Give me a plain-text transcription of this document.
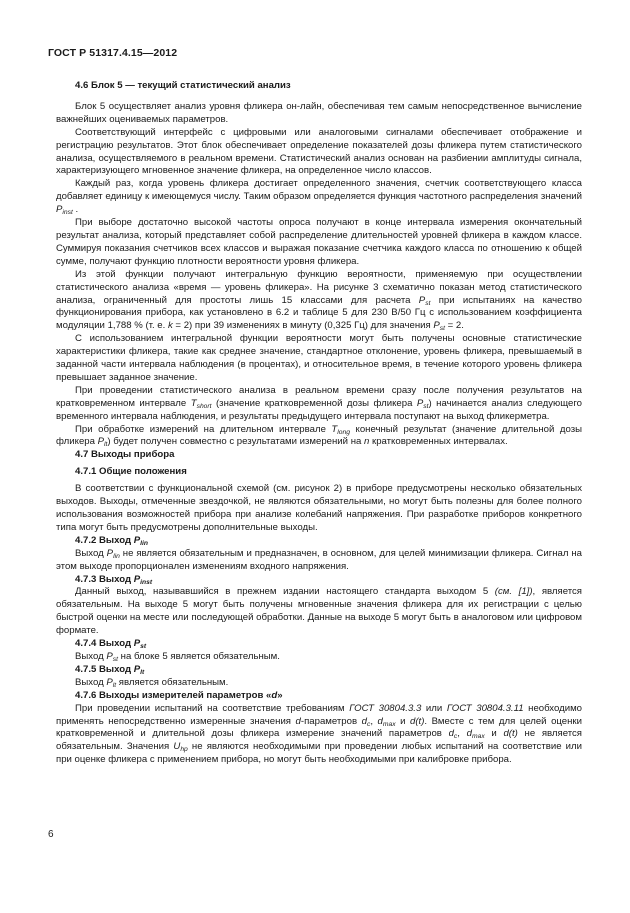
ГОСТ Р 51317.4.15—2012
4.6 Блок 5 — текущий статистический анализ

Блок 5 осуществляет анализ уровня фликера он-лайн, обеспечивая тем самым непосредственное вычисление важнейших оцениваемых параметров.

Соответствующий интерфейс с цифровыми или аналоговыми сигналами обеспечивает отображение и регистрацию результатов. Этот блок обеспечивает определение показателей дозы фликера путем статистического анализа, осуществляемого в реальном времени. Статистический анализ основан на разбиении амплитуды сигнала, характеризующего мгновенное значение фликера, на определенное число классов.

Каждый раз, когда уровень фликера достигает определенного значения, счетчик соответствующего класса добавляет единицу к имеющемуся числу. Таким образом определяется функция частотного распределения значений $P_{inst}$ .

При выборе достаточно высокой частоты опроса получают в конце интервала измерения окончательный результат анализа, который представляет собой распределение длительностей уровней фликера в каждом классе. Суммируя показания счетчиков всех классов и выражая показание счетчика каждого класса по отношению к общей сумме, получают функцию плотности вероятности уровня фликера.

Из этой функции получают интегральную функцию вероятности, применяемую при осуществлении статистического анализа «время — уровень фликера». На рисунке 3 схематично показан метод статистического анализа, ограниченный для простоты лишь 15 классами для расчета $P_{st}$ при испытаниях на качество функционирования прибора, как установлено в 6.2 и таблице 5 для 230 В/50 Гц с использованием коэффициента модуляции 1,788 % (т. е. k = 2) при 39 изменениях в минуту (0,325 Гц) для значения $P_{st} = 2$.

С использованием интегральной функции вероятности могут быть получены основные статистические характеристики фликера, такие как среднее значение, стандартное отклонение, уровень фликера, превышаемый в заданной части интервала наблюдения (в процентах), и относительное время, в течение которого уровень фликера превышает заданное значение.

При проведении статистического анализа в реальном времени сразу после получения результатов на кратковременном интервале $T_{short}$ (значение кратковременной дозы фликера $P_{st}$) начинается анализ следующего временного интервала наблюдения, и результаты предыдущего интервала поступают на выход фликерметра.

При обработке измерений на длительном интервале $T_{long}$ конечный результат (значение длительной дозы фликера $P_{lt}$) будет получен совместно с результатами измерений на n кратковременных интервалах.

4.7 Выходы прибора
4.7.1 Общие положения

В соответствии с функциональной схемой (см. рисунок 2) в приборе предусмотрены несколько обязательных выходов. Выходы, отмеченные звездочкой, не являются обязательными, но могут быть полезны для более полного использования возможностей прибора при анализе колебаний напряжения. При разработке приборов конкретного типа могут быть предусмотрены дополнительные выходы.

4.7.2 Выход $P_{lin}$

Выход $P_{lin}$ не является обязательным и предназначен, в основном, для целей минимизации фликера. Сигнал на этом выходе пропорционален изменениям входного напряжения.

4.7.3 Выход $P_{inst}$

Данный выход, называвшийся в прежнем издании настоящего стандарта выходом 5 (см. [1]), является обязательным. На выходе 5 могут быть получены мгновенные значения фликера для их регистрации с целью быстрой оценки на месте или последующей обработки. Данные на выходе 5 могут быть в аналоговом или цифровом формате.

4.7.4 Выход $P_{st}$

Выход $P_{st}$ на блоке 5 является обязательным.

4.7.5 Выход $P_{lt}$

Выход $P_{lt}$ является обязательным.

4.7.6 Выходы измерителей параметров «d»

При проведении испытаний на соответствие требованиям ГОСТ 30804.3.3 или ГОСТ 30804.3.11 необходимо применять непосредственно измеренные значения d-параметров $d_c$, $d_{max}$ и d(t). Вместе с тем для целей оценки кратковременной и длительной дозы фликера измерение значений параметров $d_c$, $d_{max}$ и d(t) не является обязательным. Значения $U_{hp}$ не являются необходимыми при проведении любых испытаний на соответствие или при оценке фликера с применением прибора, но могут быть необходимыми при калибровке прибора.

6
